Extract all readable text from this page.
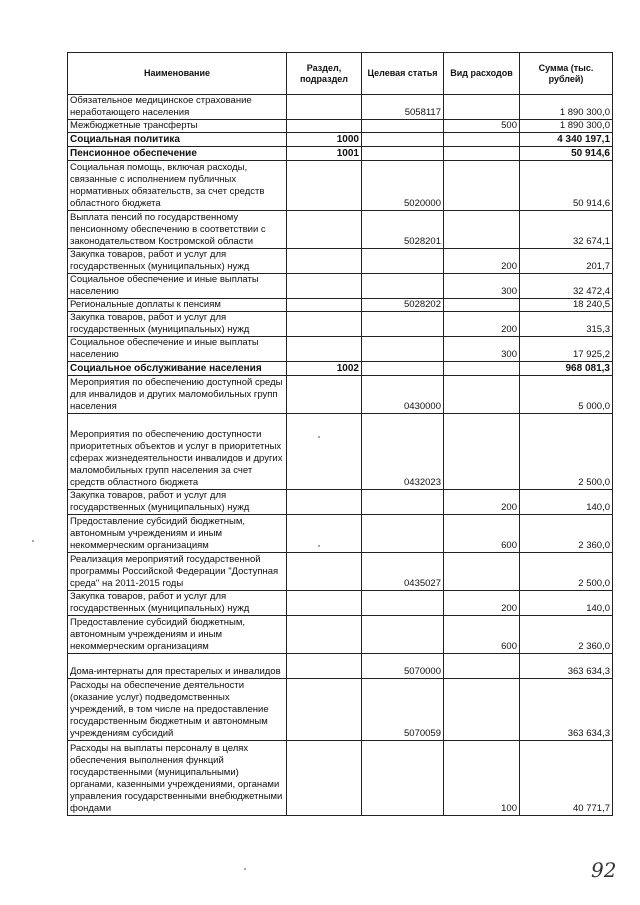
Наименование	Раздел, подраздел	Целевая статья	Вид расходов	Сумма (тыс. рублей)
Обязательное медицинское страхование неработающего населения		5058117		1 890 300,0
Межбюджетные трансферты			500	1 890 300,0
Социальная политика	1000			4 340 197,1
Пенсионное обеспечение	1001			50 914,6
Социальная помощь, включая расходы, связанные с исполнением публичных нормативных обязательств, за счет средств областного бюджета		5020000		50 914,6
Выплата пенсий по государственному пенсионному обеспечению в соответствии с законодательством Костромской области		5028201		32 674,1
Закупка товаров, работ и услуг для государственных (муниципальных) нужд			200	201,7
Социальное обеспечение и иные выплаты населению			300	32 472,4
Региональные доплаты к пенсиям		5028202		18 240,5
Закупка товаров, работ и услуг для государственных (муниципальных) нужд			200	315,3
Социальное обеспечение и иные выплаты населению			300	17 925,2
Социальное обслуживание населения	1002			968 081,3
Мероприятия по обеспечению доступной среды для инвалидов и других маломобильных групп населения		0430000		5 000,0
Мероприятия по обеспечению доступности приоритетных объектов и услуг в приоритетных сферах жизнедеятельности инвалидов и других маломобильных групп населения за счет средств областного бюджета		0432023		2 500,0
Закупка товаров, работ и услуг для государственных (муниципальных) нужд			200	140,0
Предоставление субсидий бюджетным, автономным учреждениям и иным некоммерческим организациям			600	2 360,0
Реализация мероприятий государственной программы Российской Федерации "Доступная среда" на 2011-2015 годы		0435027		2 500,0
Закупка товаров, работ и услуг для государственных (муниципальных) нужд			200	140,0
Предоставление субсидий бюджетным, автономным учреждениям и иным некоммерческим организациям			600	2 360,0
Дома-интернаты для престарелых и инвалидов		5070000		363 634,3
Расходы на обеспечение деятельности (оказание услуг) подведомственных учреждений, в том числе на предоставление государственным бюджетным и автономным учреждениям субсидий		5070059		363 634,3
Расходы на выплаты персоналу в целях обеспечения выполнения функций государственными (муниципальными) органами, казенными учреждениями, органами управления государственными внебюджетными фондами			100	40 771,7
92
